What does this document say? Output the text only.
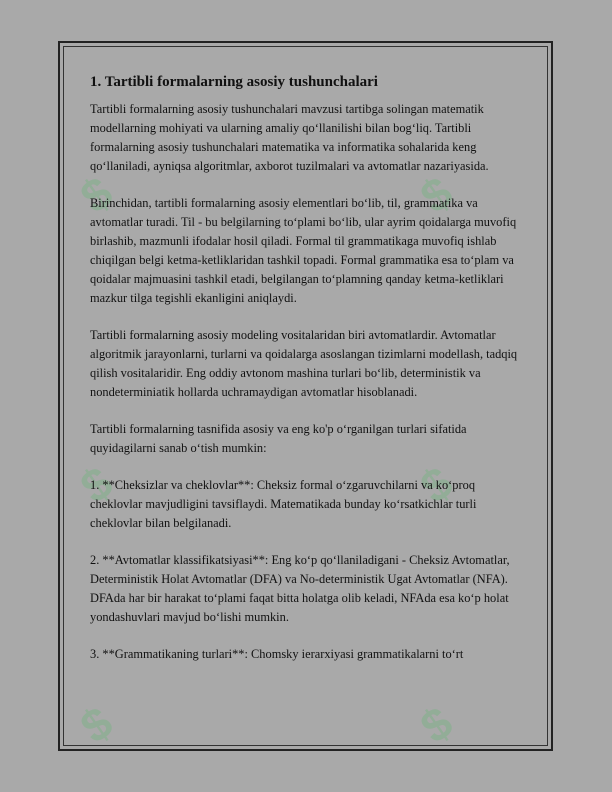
$	$
$	$
$	$
1. Tartibli formalarning asosiy tushunchalari

Tartibli formalarning asosiy tushunchalari mavzusi tartibga solingan matematik modellarning mohiyati va ularning amaliy qo‘llanilishi bilan bog‘liq. Tartibli formalarning asosiy tushunchalari matematika va informatika sohalarida keng qo‘llaniladi, ayniqsa algoritmlar, axborot tuzilmalari va avtomatlar nazariyasida.

Birinchidan, tartibli formalarning asosiy elementlari bo‘lib, til, grammatika va avtomatlar turadi. Til - bu belgilarning to‘plami bo‘lib, ular ayrim qoidalarga muvofiq birlashib, mazmunli ifodalar hosil qiladi. Formal til grammatikaga muvofiq ishlab chiqilgan belgi ketma-ketliklaridan tashkil topadi. Formal grammatika esa to‘plam va qoidalar majmuasini tashkil etadi, belgilangan to‘plamning qanday ketma-ketliklari mazkur tilga tegishli ekanligini aniqlaydi.

Tartibli formalarning asosiy modeling vositalaridan biri avtomatlardir. Avtomatlar algoritmik jarayonlarni, turlarni va qoidalarga asoslangan tizimlarni modellash, tadqiq qilish vositalaridir. Eng oddiy avtonom mashina turlari bo‘lib, deterministik va nondeterminiatik hollarda uchramaydigan avtomatlar hisoblanadi.

Tartibli formalarning tasnifida asosiy va eng ko'p o‘rganilgan turlari sifatida quyidagilarni sanab o‘tish mumkin:

1. **Cheksizlar va cheklovlar**: Cheksiz formal o‘zgaruvchilarni va ko‘proq cheklovlar mavjudligini tavsiflaydi. Matematikada bunday ko‘rsatkichlar turli cheklovlar bilan belgilanadi.

2. **Avtomatlar klassifikatsiyasi**: Eng ko‘p qo‘llaniladigani - Cheksiz Avtomatlar, Deterministik Holat Avtomatlar (DFA) va No-deterministik Ugat Avtomatlar (NFA). DFAda har bir harakat to‘plami faqat bitta holatga olib keladi, NFAda esa ko‘p holat yondashuvlari mavjud bo‘lishi mumkin.

3. **Grammatikaning turlari**: Chomsky ierarxiyasi grammatikalarni to‘rt
